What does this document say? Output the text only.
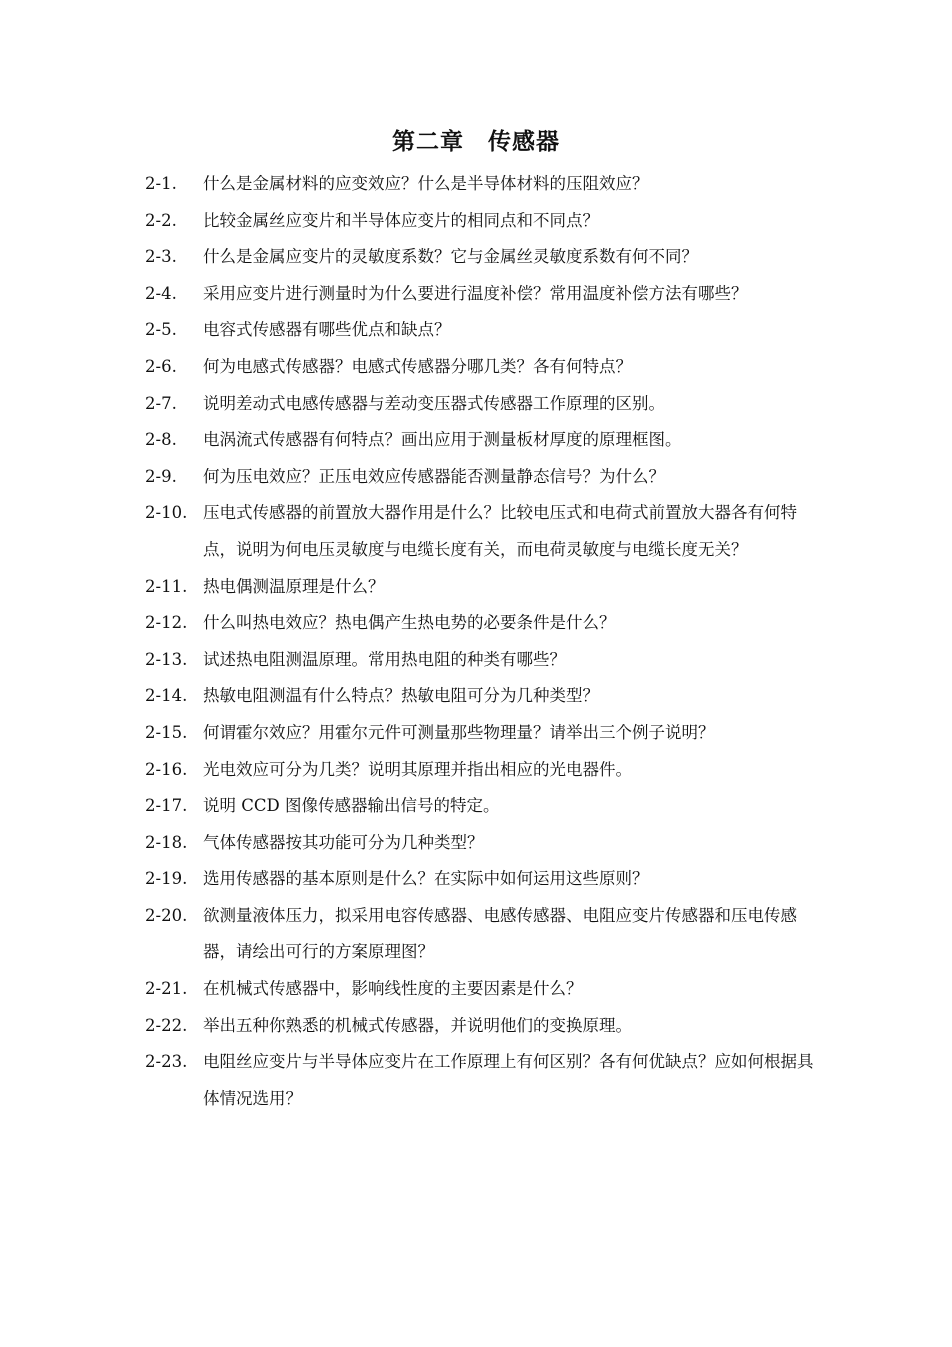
第二章　传感器
2-1.	什么是金属材料的应变效应？什么是半导体材料的压阻效应？
2-2.	比较金属丝应变片和半导体应变片的相同点和不同点？
2-3.	什么是金属应变片的灵敏度系数？它与金属丝灵敏度系数有何不同？
2-4.	采用应变片进行测量时为什么要进行温度补偿？常用温度补偿方法有哪些？
2-5.	电容式传感器有哪些优点和缺点？
2-6.	何为电感式传感器？电感式传感器分哪几类？各有何特点？
2-7.	说明差动式电感传感器与差动变压器式传感器工作原理的区别。
2-8.	电涡流式传感器有何特点？画出应用于测量板材厚度的原理框图。
2-9.	何为压电效应？正压电效应传感器能否测量静态信号？为什么？
2-10. 压电式传感器的前置放大器作用是什么？比较电压式和电荷式前置放大器各有何特点，说明为何电压灵敏度与电缆长度有关，而电荷灵敏度与电缆长度无关？
2-11. 热电偶测温原理是什么？
2-12. 什么叫热电效应？热电偶产生热电势的必要条件是什么？
2-13. 试述热电阻测温原理。常用热电阻的种类有哪些？
2-14. 热敏电阻测温有什么特点？热敏电阻可分为几种类型？
2-15. 何谓霍尔效应？用霍尔元件可测量那些物理量？请举出三个例子说明？
2-16. 光电效应可分为几类？说明其原理并指出相应的光电器件。
2-17. 说明 CCD 图像传感器输出信号的特定。
2-18. 气体传感器按其功能可分为几种类型？
2-19. 选用传感器的基本原则是什么？在实际中如何运用这些原则？
2-20. 欲测量液体压力，拟采用电容传感器、电感传感器、电阻应变片传感器和压电传感器，请绘出可行的方案原理图？
2-21. 在机械式传感器中，影响线性度的主要因素是什么？
2-22. 举出五种你熟悉的机械式传感器，并说明他们的变换原理。
2-23. 电阻丝应变片与半导体应变片在工作原理上有何区别？各有何优缺点？应如何根据具体情况选用？
